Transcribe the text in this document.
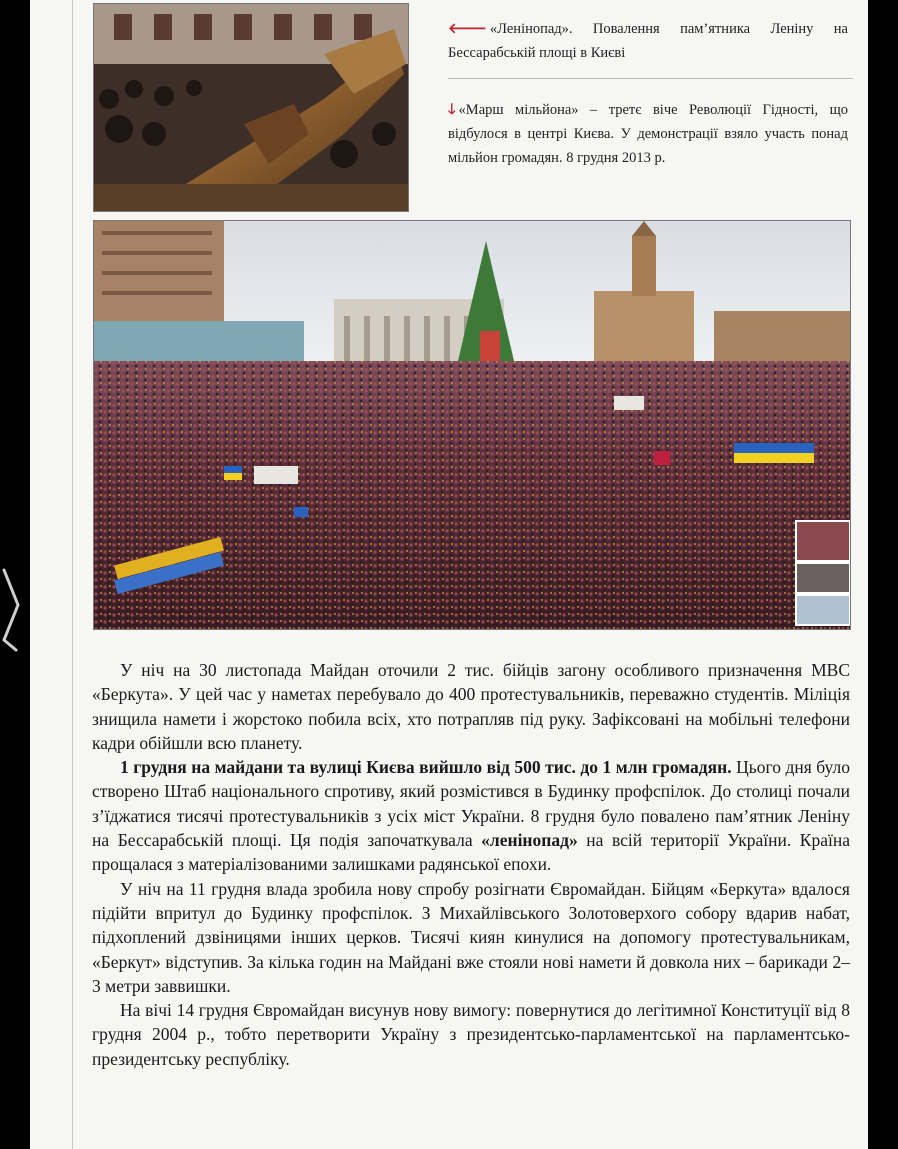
🡐 «Ленінопад». Повалення пам’ятника Леніну на Бессарабській площі в Києві
🡓 «Марш мільйона» – третє віче Революції Гідності, що відбулося в центрі Києва. У демонстрації взяло участь понад мільйон громадян. 8 грудня 2013 р.

У ніч на 30 листопада Майдан оточили 2 тис. бійців загону особливого призначення МВС «Беркута». У цей час у наметах перебувало до 400 протестувальників, переважно студентів. Міліція знищила намети і жорстоко побила всіх, хто потрапляв під руку. Зафіксовані на мобільні телефони кадри обійшли всю планету.

1 грудня на майдани та вулиці Києва вийшло від 500 тис. до 1 млн громадян. Цього дня було створено Штаб національного спротиву, який розмістився в Будинку профспілок. До столиці почали з’їджатися тисячі протестувальників з усіх міст України. 8 грудня було повалено пам’ятник Леніну на Бессарабській площі. Ця подія започаткувала «ленінопад» на всій території України. Країна прощалася з матеріалізованими залишками радянської епохи.

У ніч на 11 грудня влада зробила нову спробу розігнати Євромайдан. Бійцям «Беркута» вдалося підійти впритул до Будинку профспілок. З Михайлівського Золотоверхого собору вдарив набат, підхоплений дзвіницями інших церков. Тисячі киян кинулися на допомогу протестувальникам, «Беркут» відступив. За кілька годин на Майдані вже стояли нові намети й довкола них – барикади 2–3 метри заввишки.

На вічі 14 грудня Євромайдан висунув нову вимогу: повернутися до легітимної Конституції від 8 грудня 2004 р., тобто перетворити Україну з президентсько-парламентської на парламентсько-президентську республіку.
